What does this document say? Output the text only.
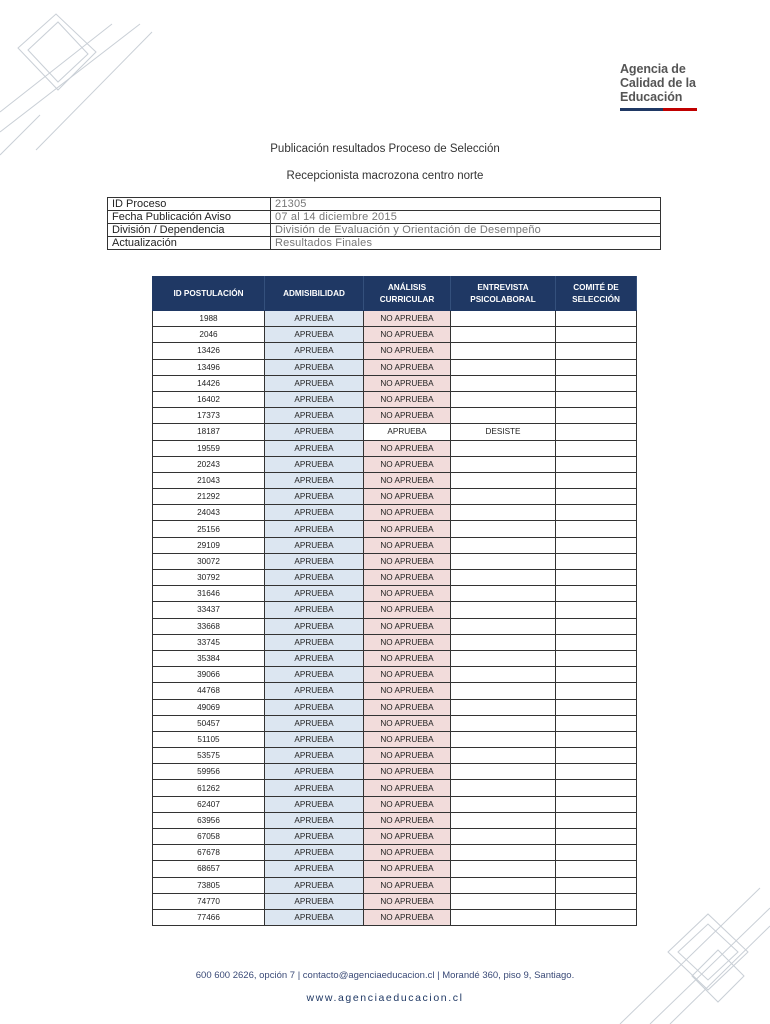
Agencia de
Calidad de la
Educación
Publicación resultados Proceso de Selección
Recepcionista macrozona centro norte
ID Proceso	21305
Fecha Publicación Aviso	07 al 14 diciembre 2015
División / Dependencia	División de Evaluación y Orientación de Desempeño
Actualización	Resultados Finales
ID POSTULACIÓN	ADMISIBILIDAD	ANÁLISIS CURRICULAR	ENTREVISTA PSICOLABORAL	COMITÉ DE SELECCIÓN
1988	APRUEBA	NO APRUEBA		
2046	APRUEBA	NO APRUEBA		
13426	APRUEBA	NO APRUEBA		
13496	APRUEBA	NO APRUEBA		
14426	APRUEBA	NO APRUEBA		
16402	APRUEBA	NO APRUEBA		
17373	APRUEBA	NO APRUEBA		
18187	APRUEBA	APRUEBA	DESISTE	
19559	APRUEBA	NO APRUEBA		
20243	APRUEBA	NO APRUEBA		
21043	APRUEBA	NO APRUEBA		
21292	APRUEBA	NO APRUEBA		
24043	APRUEBA	NO APRUEBA		
25156	APRUEBA	NO APRUEBA		
29109	APRUEBA	NO APRUEBA		
30072	APRUEBA	NO APRUEBA		
30792	APRUEBA	NO APRUEBA		
31646	APRUEBA	NO APRUEBA		
33437	APRUEBA	NO APRUEBA		
33668	APRUEBA	NO APRUEBA		
33745	APRUEBA	NO APRUEBA		
35384	APRUEBA	NO APRUEBA		
39066	APRUEBA	NO APRUEBA		
44768	APRUEBA	NO APRUEBA		
49069	APRUEBA	NO APRUEBA		
50457	APRUEBA	NO APRUEBA		
51105	APRUEBA	NO APRUEBA		
53575	APRUEBA	NO APRUEBA		
59956	APRUEBA	NO APRUEBA		
61262	APRUEBA	NO APRUEBA		
62407	APRUEBA	NO APRUEBA		
63956	APRUEBA	NO APRUEBA		
67058	APRUEBA	NO APRUEBA		
67678	APRUEBA	NO APRUEBA		
68657	APRUEBA	NO APRUEBA		
73805	APRUEBA	NO APRUEBA		
74770	APRUEBA	NO APRUEBA		
77466	APRUEBA	NO APRUEBA		
600 600 2626, opción 7 | contacto@agenciaeducacion.cl | Morandé 360, piso 9, Santiago.
www.agenciaeducacion.cl
